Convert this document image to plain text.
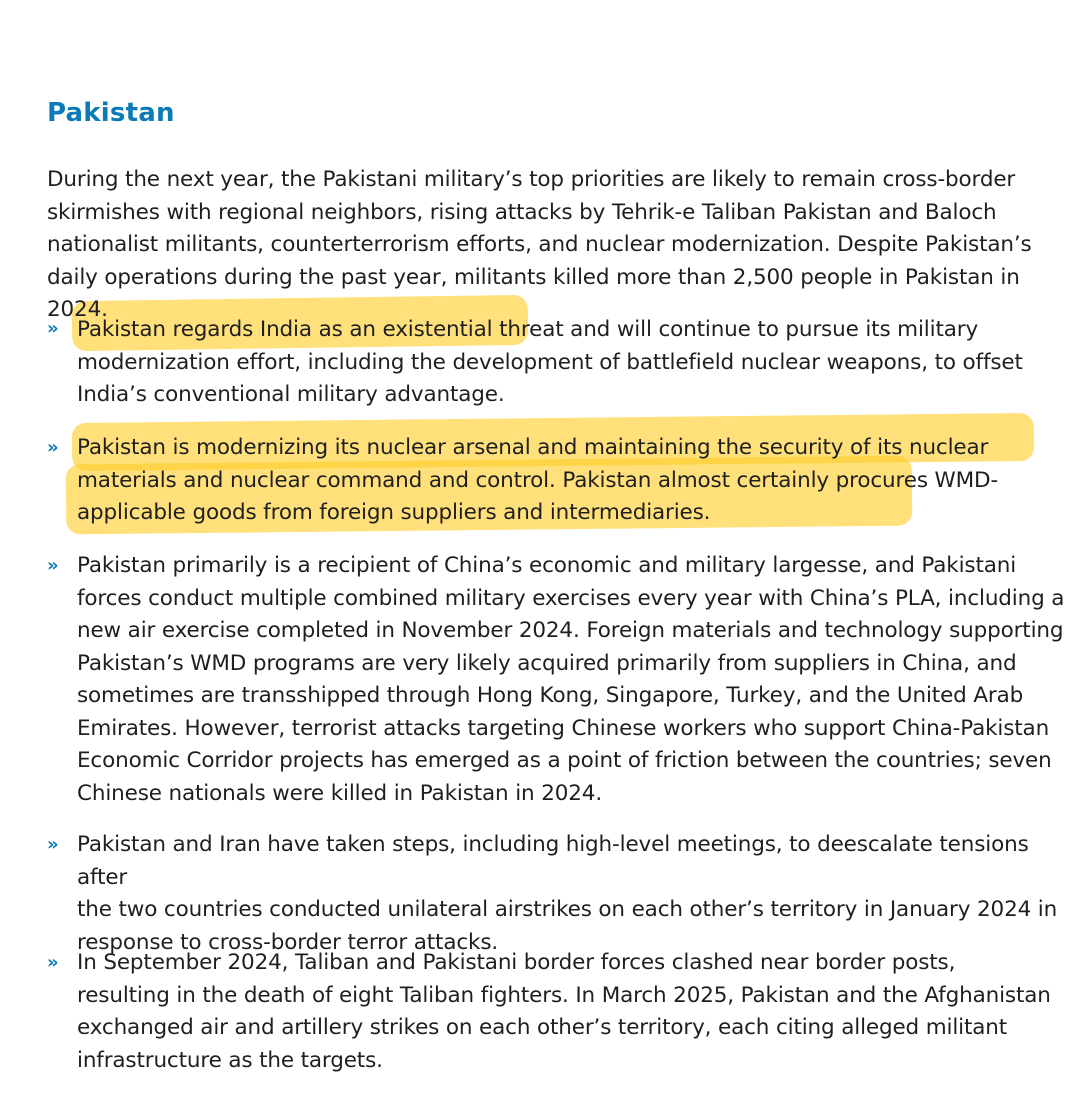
Pakistan
During the next year, the Pakistani military’s top priorities are likely to remain cross-border
skirmishes with regional neighbors, rising attacks by Tehrik-e Taliban Pakistan and Baloch
nationalist militants, counterterrorism efforts, and nuclear modernization. Despite Pakistan’s
daily operations during the past year, militants killed more than 2,500 people in Pakistan in 2024.
» Pakistan regards India as an existential threat and will continue to pursue its military
modernization effort, including the development of battlefield nuclear weapons, to offset
India’s conventional military advantage.
» Pakistan is modernizing its nuclear arsenal and maintaining the security of its nuclear
materials and nuclear command and control. Pakistan almost certainly procures WMD-
applicable goods from foreign suppliers and intermediaries.
» Pakistan primarily is a recipient of China’s economic and military largesse, and Pakistani
forces conduct multiple combined military exercises every year with China’s PLA, including a
new air exercise completed in November 2024. Foreign materials and technology supporting
Pakistan’s WMD programs are very likely acquired primarily from suppliers in China, and
sometimes are transshipped through Hong Kong, Singapore, Turkey, and the United Arab
Emirates. However, terrorist attacks targeting Chinese workers who support China-Pakistan
Economic Corridor projects has emerged as a point of friction between the countries; seven
Chinese nationals were killed in Pakistan in 2024.
» Pakistan and Iran have taken steps, including high-level meetings, to deescalate tensions after
the two countries conducted unilateral airstrikes on each other’s territory in January 2024 in
response to cross-border terror attacks.
» In September 2024, Taliban and Pakistani border forces clashed near border posts,
resulting in the death of eight Taliban fighters. In March 2025, Pakistan and the Afghanistan
exchanged air and artillery strikes on each other’s territory, each citing alleged militant
infrastructure as the targets.
